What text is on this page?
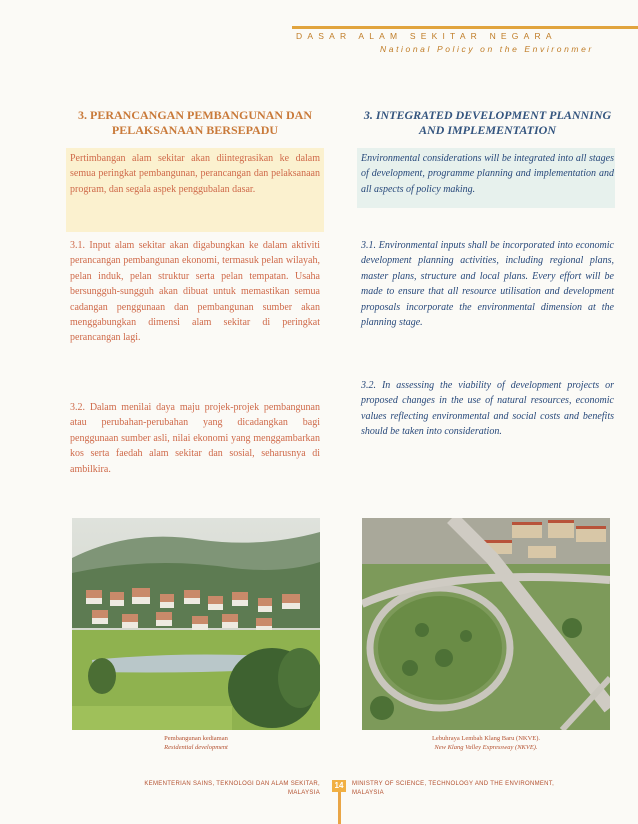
DASAR ALAM SEKITAR NEGARA
National Policy on the Environmer
3. PERANCANGAN PEMBANGUNAN DAN PELAKSANAAN BERSEPADU

Pertimbangan alam sekitar akan diintegrasikan ke dalam semua peringkat pembangunan, perancangan dan pelaksanaan program, dan segala aspek penggubalan dasar.

3.1. Input alam sekitar akan digabungkan ke dalam aktiviti perancangan pembangunan ekonomi, termasuk pelan wilayah, pelan induk, pelan struktur serta pelan tempatan. Usaha bersungguh-sungguh akan dibuat untuk memastikan semua cadangan penggunaan dan pembangunan sumber akan menggabungkan dimensi alam sekitar di peringkat perancangan lagi.

3.2. Dalam menilai daya maju projek-projek pembangunan atau perubahan-perubahan yang dicadangkan bagi penggunaan sumber asli, nilai ekonomi yang menggambarkan kos serta faedah alam sekitar dan sosial, seharusnya di ambilkira.

3. INTEGRATED DEVELOPMENT PLANNING AND IMPLEMENTATION

Environmental considerations will be integrated into all stages of development, programme planning and implementation and all aspects of policy making.

3.1. Environmental inputs shall be incorporated into economic development planning activities, including regional plans, master plans, structure and local plans. Every effort will be made to ensure that all resource utilisation and development proposals incorporate the environmental dimension at the planning stage.

3.2. In assessing the viability of development projects or proposed changes in the use of natural resources, economic values reflecting environmental and social costs and benefits should be taken into consideration.

Pembangunan kediaman

Residential development

Lebuhraya Lembah Klang Baru (NKVE).

New Klang Valley Expressway (NKVE).

KEMENTERIAN SAINS, TEKNOLOGI DAN ALAM SEKITAR,
MALAYSIA
14	MINISTRY OF SCIENCE, TECHNOLOGY AND THE ENVIRONMENT,
MALAYSIA
